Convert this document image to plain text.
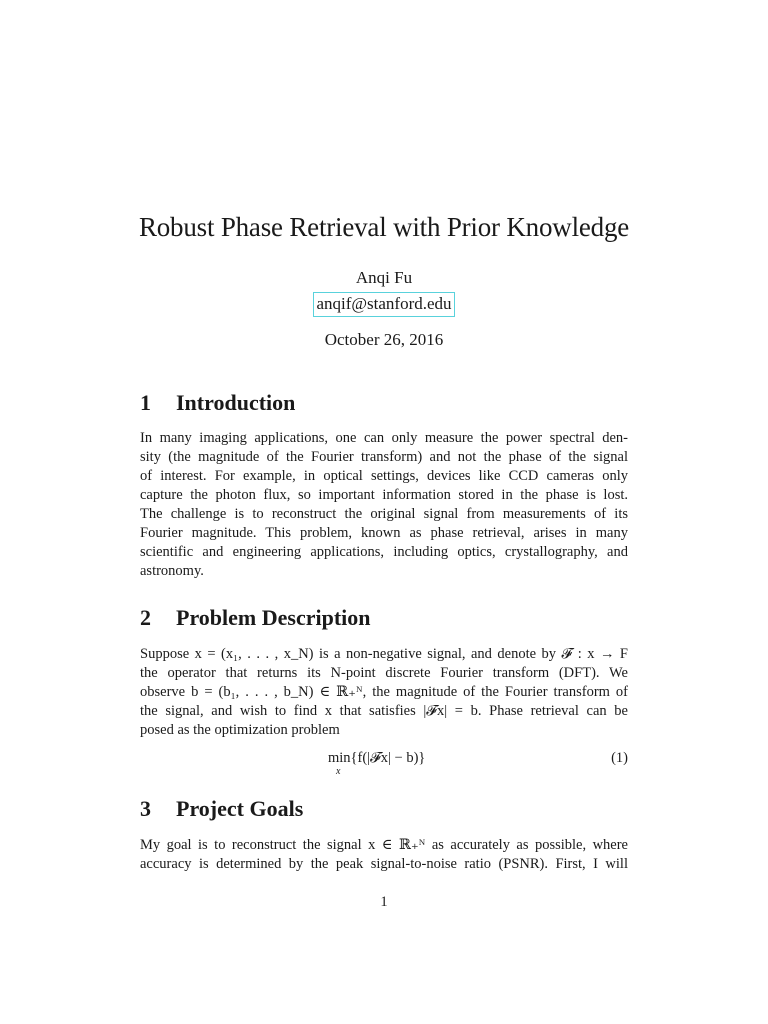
Robust Phase Retrieval with Prior Knowledge
Anqi Fu
anqif@stanford.edu
October 26, 2016
1 Introduction
In many imaging applications, one can only measure the power spectral den-
sity (the magnitude of the Fourier transform) and not the phase of the signal
of interest. For example, in optical settings, devices like CCD cameras only
capture the photon flux, so important information stored in the phase is lost.
The challenge is to reconstruct the original signal from measurements of its
Fourier magnitude. This problem, known as phase retrieval, arises in many
scientific and engineering applications, including optics, crystallography, and
astronomy.
2 Problem Description
Suppose x = (x₁, . . . , x_N) is a non-negative signal, and denote by 𝓕 : x → F
the operator that returns its N-point discrete Fourier transform (DFT). We
observe b = (b₁, . . . , b_N) ∈ ℝ₊ᴺ, the magnitude of the Fourier transform of
the signal, and wish to find x that satisfies |𝓕x| = b. Phase retrieval can be
posed as the optimization problem
min{f(|𝓕x| − b)}
x
(1)
3 Project Goals
My goal is to reconstruct the signal x ∈ ℝ₊ᴺ as accurately as possible, where
accuracy is determined by the peak signal-to-noise ratio (PSNR). First, I will
1
